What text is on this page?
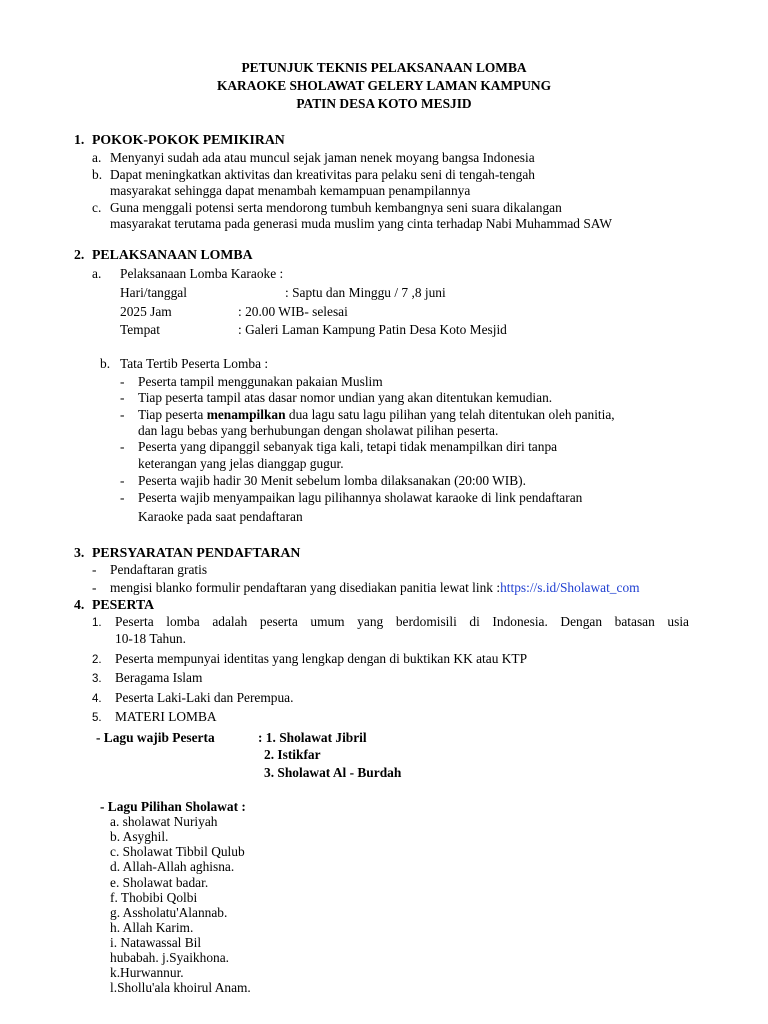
PETUNJUK TEKNIS PELAKSANAAN LOMBA
KARAOKE SHOLAWAT GELERY LAMAN KAMPUNG
PATIN DESA KOTO MESJID
1. POKOK-POKOK PEMIKIRAN
a. Menyanyi sudah ada atau muncul sejak jaman nenek moyang bangsa Indonesia
b. Dapat meningkatkan aktivitas dan kreativitas para pelaku seni di tengah-tengah
masyarakat sehingga dapat menambah kemampuan penampilannya
c. Guna menggali potensi serta mendorong tumbuh kembangnya seni suara dikalangan
masyarakat terutama pada generasi muda muslim yang cinta terhadap Nabi Muhammad SAW
2. PELAKSANAAN LOMBA
a. Pelaksanaan Lomba Karaoke :
Hari/tanggal	: Saptu dan Minggu / 7 ,8 juni
2025 Jam	: 20.00 WIB- selesai
Tempat	: Galeri Laman Kampung Patin Desa Koto Mesjid
b. Tata Tertib Peserta Lomba :
- Peserta tampil menggunakan pakaian Muslim
- Tiap peserta tampil atas dasar nomor undian yang akan ditentukan kemudian.
- Tiap peserta menampilkan dua lagu satu lagu pilihan yang telah ditentukan oleh panitia,
dan lagu bebas yang berhubungan dengan sholawat pilihan peserta.
- Peserta yang dipanggil sebanyak tiga kali, tetapi tidak menampilkan diri tanpa
keterangan yang jelas dianggap gugur.
- Peserta wajib hadir 30 Menit sebelum lomba dilaksanakan (20:00 WIB).
- Peserta wajib menyampaikan lagu pilihannya sholawat karaoke di link pendaftaran
Karaoke pada saat pendaftaran
3. PERSYARATAN PENDAFTARAN
- Pendaftaran gratis
- mengisi blanko formulir pendaftaran yang disediakan panitia lewat link :https://s.id/Sholawat_com
4. PESERTA
1. Peserta lomba adalah peserta umum yang berdomisili di Indonesia. Dengan batasan usia
10-18 Tahun.
2. Peserta mempunyai identitas yang lengkap dengan di buktikan KK atau KTP
3. Beragama Islam
4. Peserta Laki-Laki dan Perempua.
5. MATERI LOMBA
- Lagu wajib Peserta	: 1. Sholawat Jibril
2. Istikfar
3. Sholawat Al - Burdah
- Lagu Pilihan Sholawat :
a. sholawat Nuriyah
b. Asyghil.
c. Sholawat Tibbil Qulub
d. Allah-Allah aghisna.
e. Sholawat badar.
f. Thobibi Qolbi
g. Assholatu'Alannab.
h. Allah Karim.
i. Natawassal Bil
hubabah. j.Syaikhona.
k.Hurwannur.
l.Shollu'ala khoirul Anam.
